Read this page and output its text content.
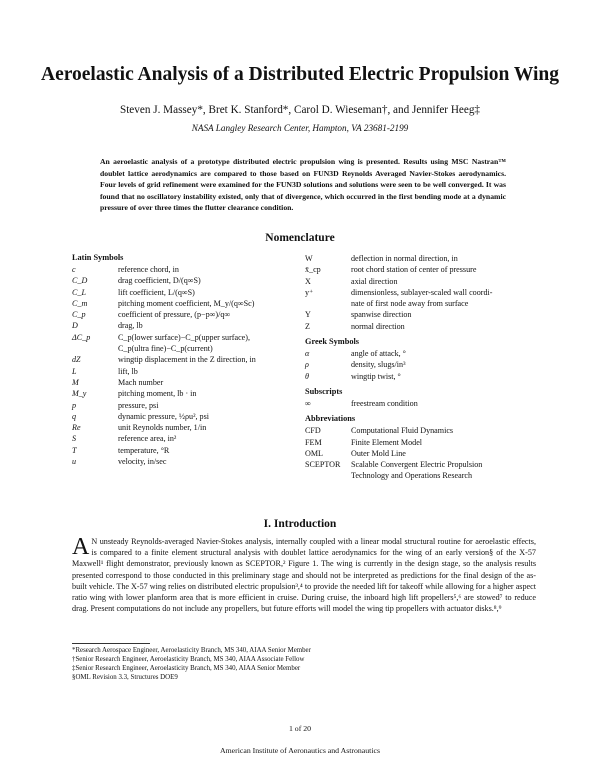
Aeroelastic Analysis of a Distributed Electric Propulsion Wing
Steven J. Massey*, Bret K. Stanford*, Carol D. Wieseman†, and Jennifer Heeg‡
NASA Langley Research Center, Hampton, VA 23681-2199
An aeroelastic analysis of a prototype distributed electric propulsion wing is presented. Results using MSC Nastran™ doublet lattice aerodynamics are compared to those based on FUN3D Reynolds Averaged Navier-Stokes aerodynamics. Four levels of grid refinement were examined for the FUN3D solutions and solutions were seen to be well converged. It was found that no oscillatory instability existed, only that of divergence, which occurred in the first bending mode at a dynamic pressure of over three times the flutter clearance condition.
Nomenclature
Latin Symbols
c	reference chord, in
C_D	drag coefficient, D/(q∞S)
C_L	lift coefficient, L/(q∞S)
C_m	pitching moment coefficient, M_y/(q∞Sc)
C_p	coefficient of pressure, (p−p∞)/q∞
D	drag, lb
ΔC_p	C_p(lower surface)−C_p(upper surface),
C_p(ultra fine)−C_p(current)
dZ	wingtip displacement in the Z direction, in
L	lift, lb
M	Mach number
M_y	pitching moment, lb · in
p	pressure, psi
q	dynamic pressure, ½ρu², psi
Re	unit Reynolds number, 1/in
S	reference area, in²
T	temperature, °R
u	velocity, in/sec
W	deflection in normal direction, in
x̄_cp	root chord station of center of pressure
X	axial direction
y⁺	dimensionless, sublayer-scaled wall coordi-
nate of first node away from surface
Y	spanwise direction
Z	normal direction
Greek Symbols
α	angle of attack, °
ρ	density, slugs/in³
θ	wingtip twist, °
Subscripts
∞	freestream condition
Abbreviations
CFD	Computational Fluid Dynamics
FEM	Finite Element Model
OML	Outer Mold Line
SCEPTOR Scalable Convergent Electric Propulsion
Technology and Operations Research
I. Introduction
A N unsteady Reynolds-averaged Navier-Stokes analysis, internally coupled with a linear modal structural routine for aeroelastic effects, is compared to a finite element structural analysis with doublet lattice aerodynamics for the wing of an early version§ of the X-57 Maxwell¹ flight demonstrator, previously known as SCEPTOR,² Figure 1. The wing is currently in the design stage, so the analysis results presented correspond to those conducted in this preliminary stage and should not be interpreted as predictions for the final design of the as-built vehicle. The X-57 wing relies on distributed electric propulsion³,⁴ to provide the needed lift for takeoff while allowing for a higher aspect ratio wing with lower planform area that is more efficient in cruise. During cruise, the inboard high lift propellers⁵,⁶ are stowed⁷ to reduce drag. Present computations do not include any propellers, but future efforts will model the wing tip propellers with actuator disks.⁸,⁹
*Research Aerospace Engineer, Aeroelasticity Branch, MS 340, AIAA Senior Member
†Senior Research Engineer, Aeroelasticity Branch, MS 340, AIAA Associate Fellow
‡Senior Research Engineer, Aeroelasticity Branch, MS 340, AIAA Senior Member
§OML Revision 3.3, Structures DOE9
1 of 20
American Institute of Aeronautics and Astronautics
